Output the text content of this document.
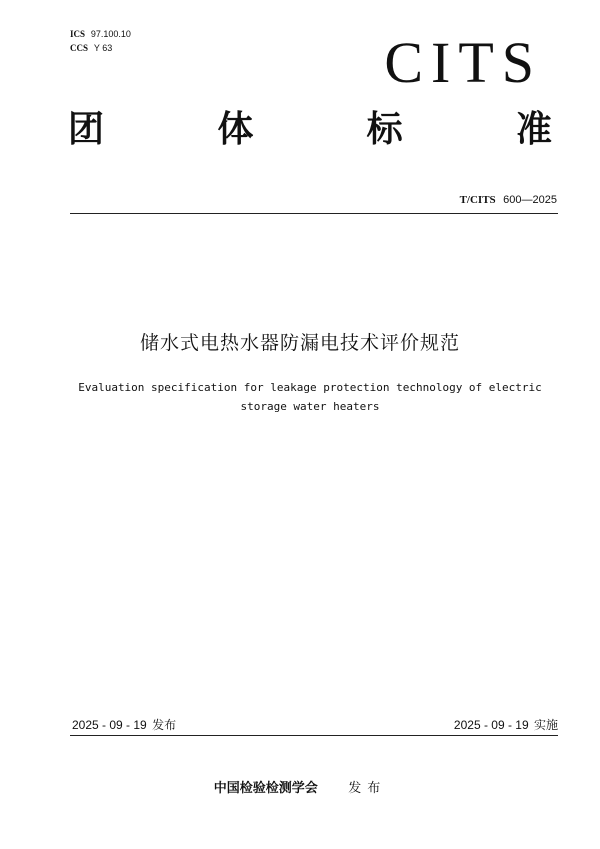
ICS 97.100.10
CCS Y 63	CITS
团	体	标	准
T/CITS 600—2025
储水式电热水器防漏电技术评价规范
Evaluation specification for leakage protection technology of electric
storage water heaters
2025 - 09 - 19 发布	2025 - 09 - 19 实施
中国检验检测学会 发布
